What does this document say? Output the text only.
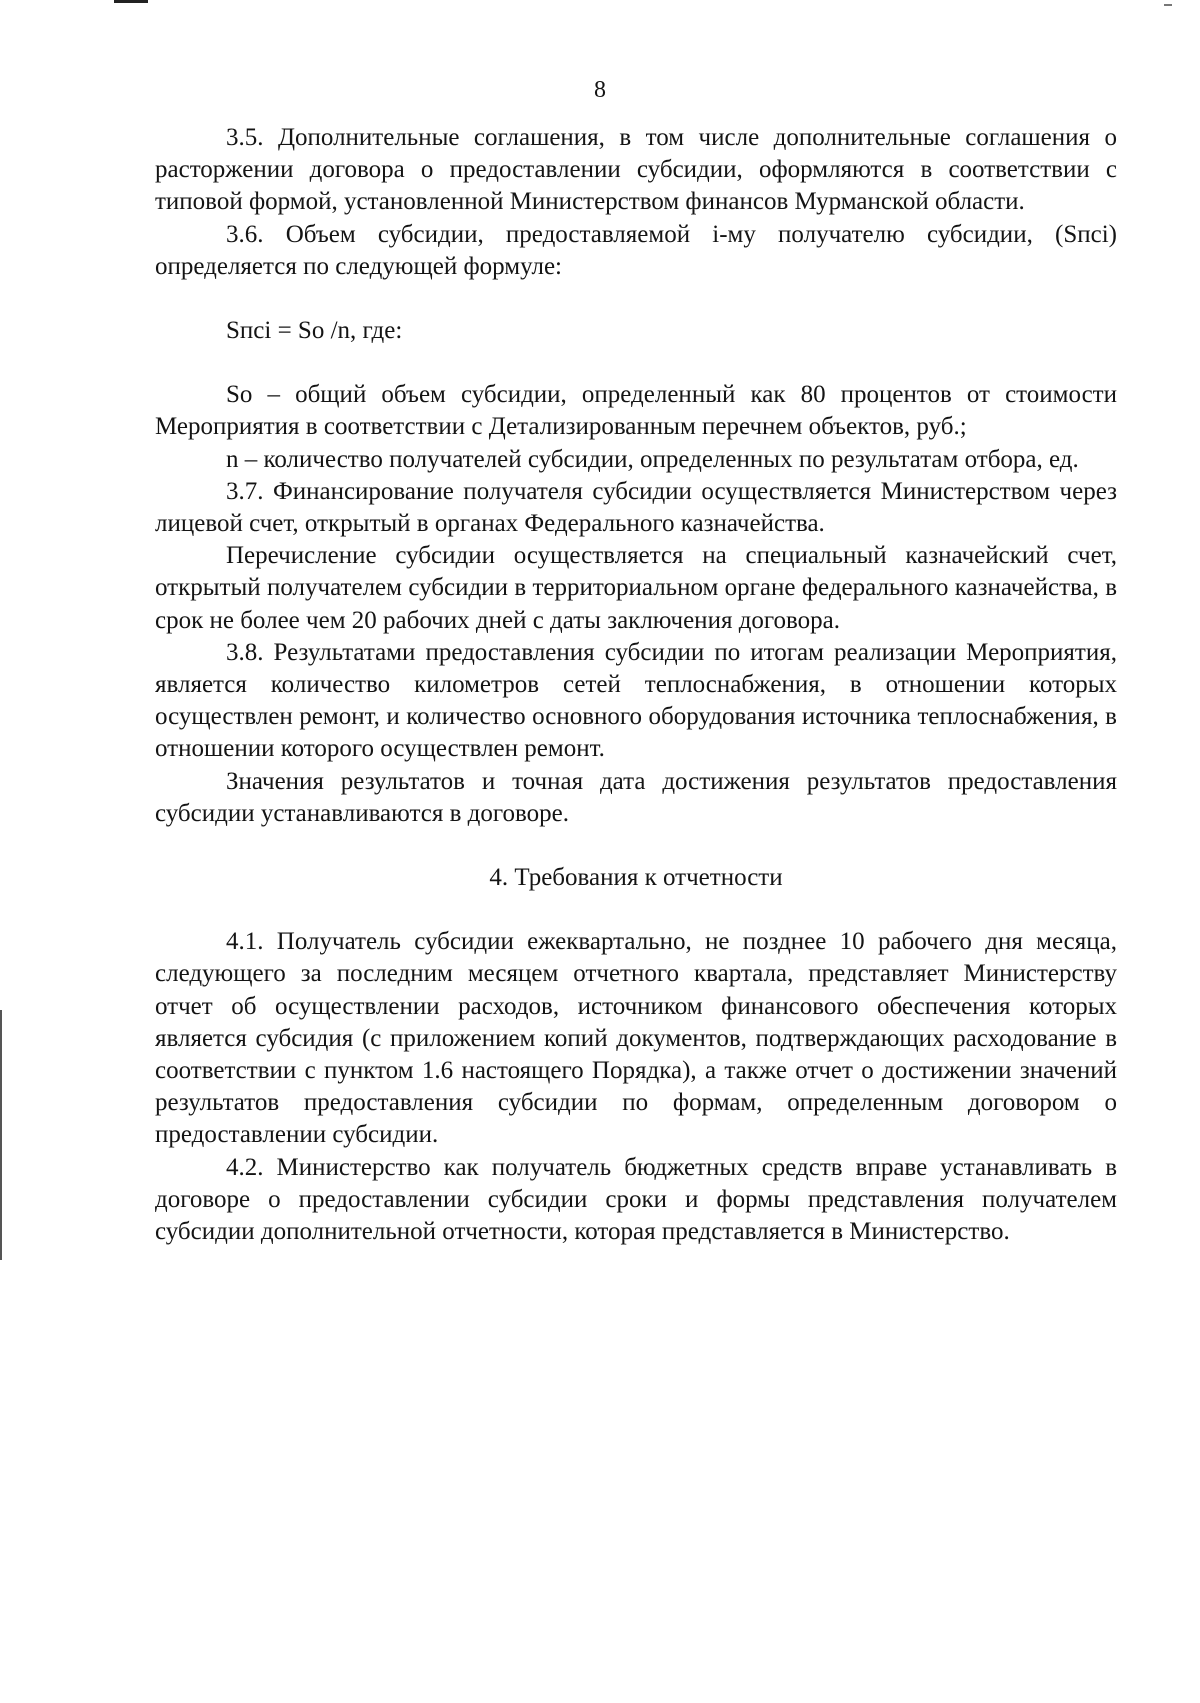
8

3.5. Дополнительные соглашения, в том числе дополнительные соглашения о расторжении договора о предоставлении субсидии, оформляются в соответствии с типовой формой, установленной Министерством финансов Мурманской области.

3.6. Объем субсидии, предоставляемой i-му получателю субсидии, (Sпсі) определяется по следующей формуле:

Sпсі = Sо /n, где:

Sо – общий объем субсидии, определенный как 80 процентов от стоимости Мероприятия в соответствии с Детализированным перечнем объектов, руб.;

n – количество получателей субсидии, определенных по результатам отбора, ед.

3.7. Финансирование получателя субсидии осуществляется Министерством через лицевой счет, открытый в органах Федерального казначейства.

Перечисление субсидии осуществляется на специальный казначейский счет, открытый получателем субсидии в территориальном органе федерального казначейства, в срок не более чем 20 рабочих дней с даты заключения договора.

3.8. Результатами предоставления субсидии по итогам реализации Мероприятия, является количество километров сетей теплоснабжения, в отношении которых осуществлен ремонт, и количество основного оборудования источника теплоснабжения, в отношении которого осуществлен ремонт.

Значения результатов и точная дата достижения результатов предоставления субсидии устанавливаются в договоре.

4. Требования к отчетности

4.1. Получатель субсидии ежеквартально, не позднее 10 рабочего дня месяца, следующего за последним месяцем отчетного квартала, представляет Министерству отчет об осуществлении расходов, источником финансового обеспечения которых является субсидия (с приложением копий документов, подтверждающих расходование в соответствии с пунктом 1.6 настоящего Порядка), а также отчет о достижении значений результатов предоставления субсидии по формам, определенным договором о предоставлении субсидии.

4.2. Министерство как получатель бюджетных средств вправе устанавливать в договоре о предоставлении субсидии сроки и формы представления получателем субсидии дополнительной отчетности, которая представляется в Министерство.
